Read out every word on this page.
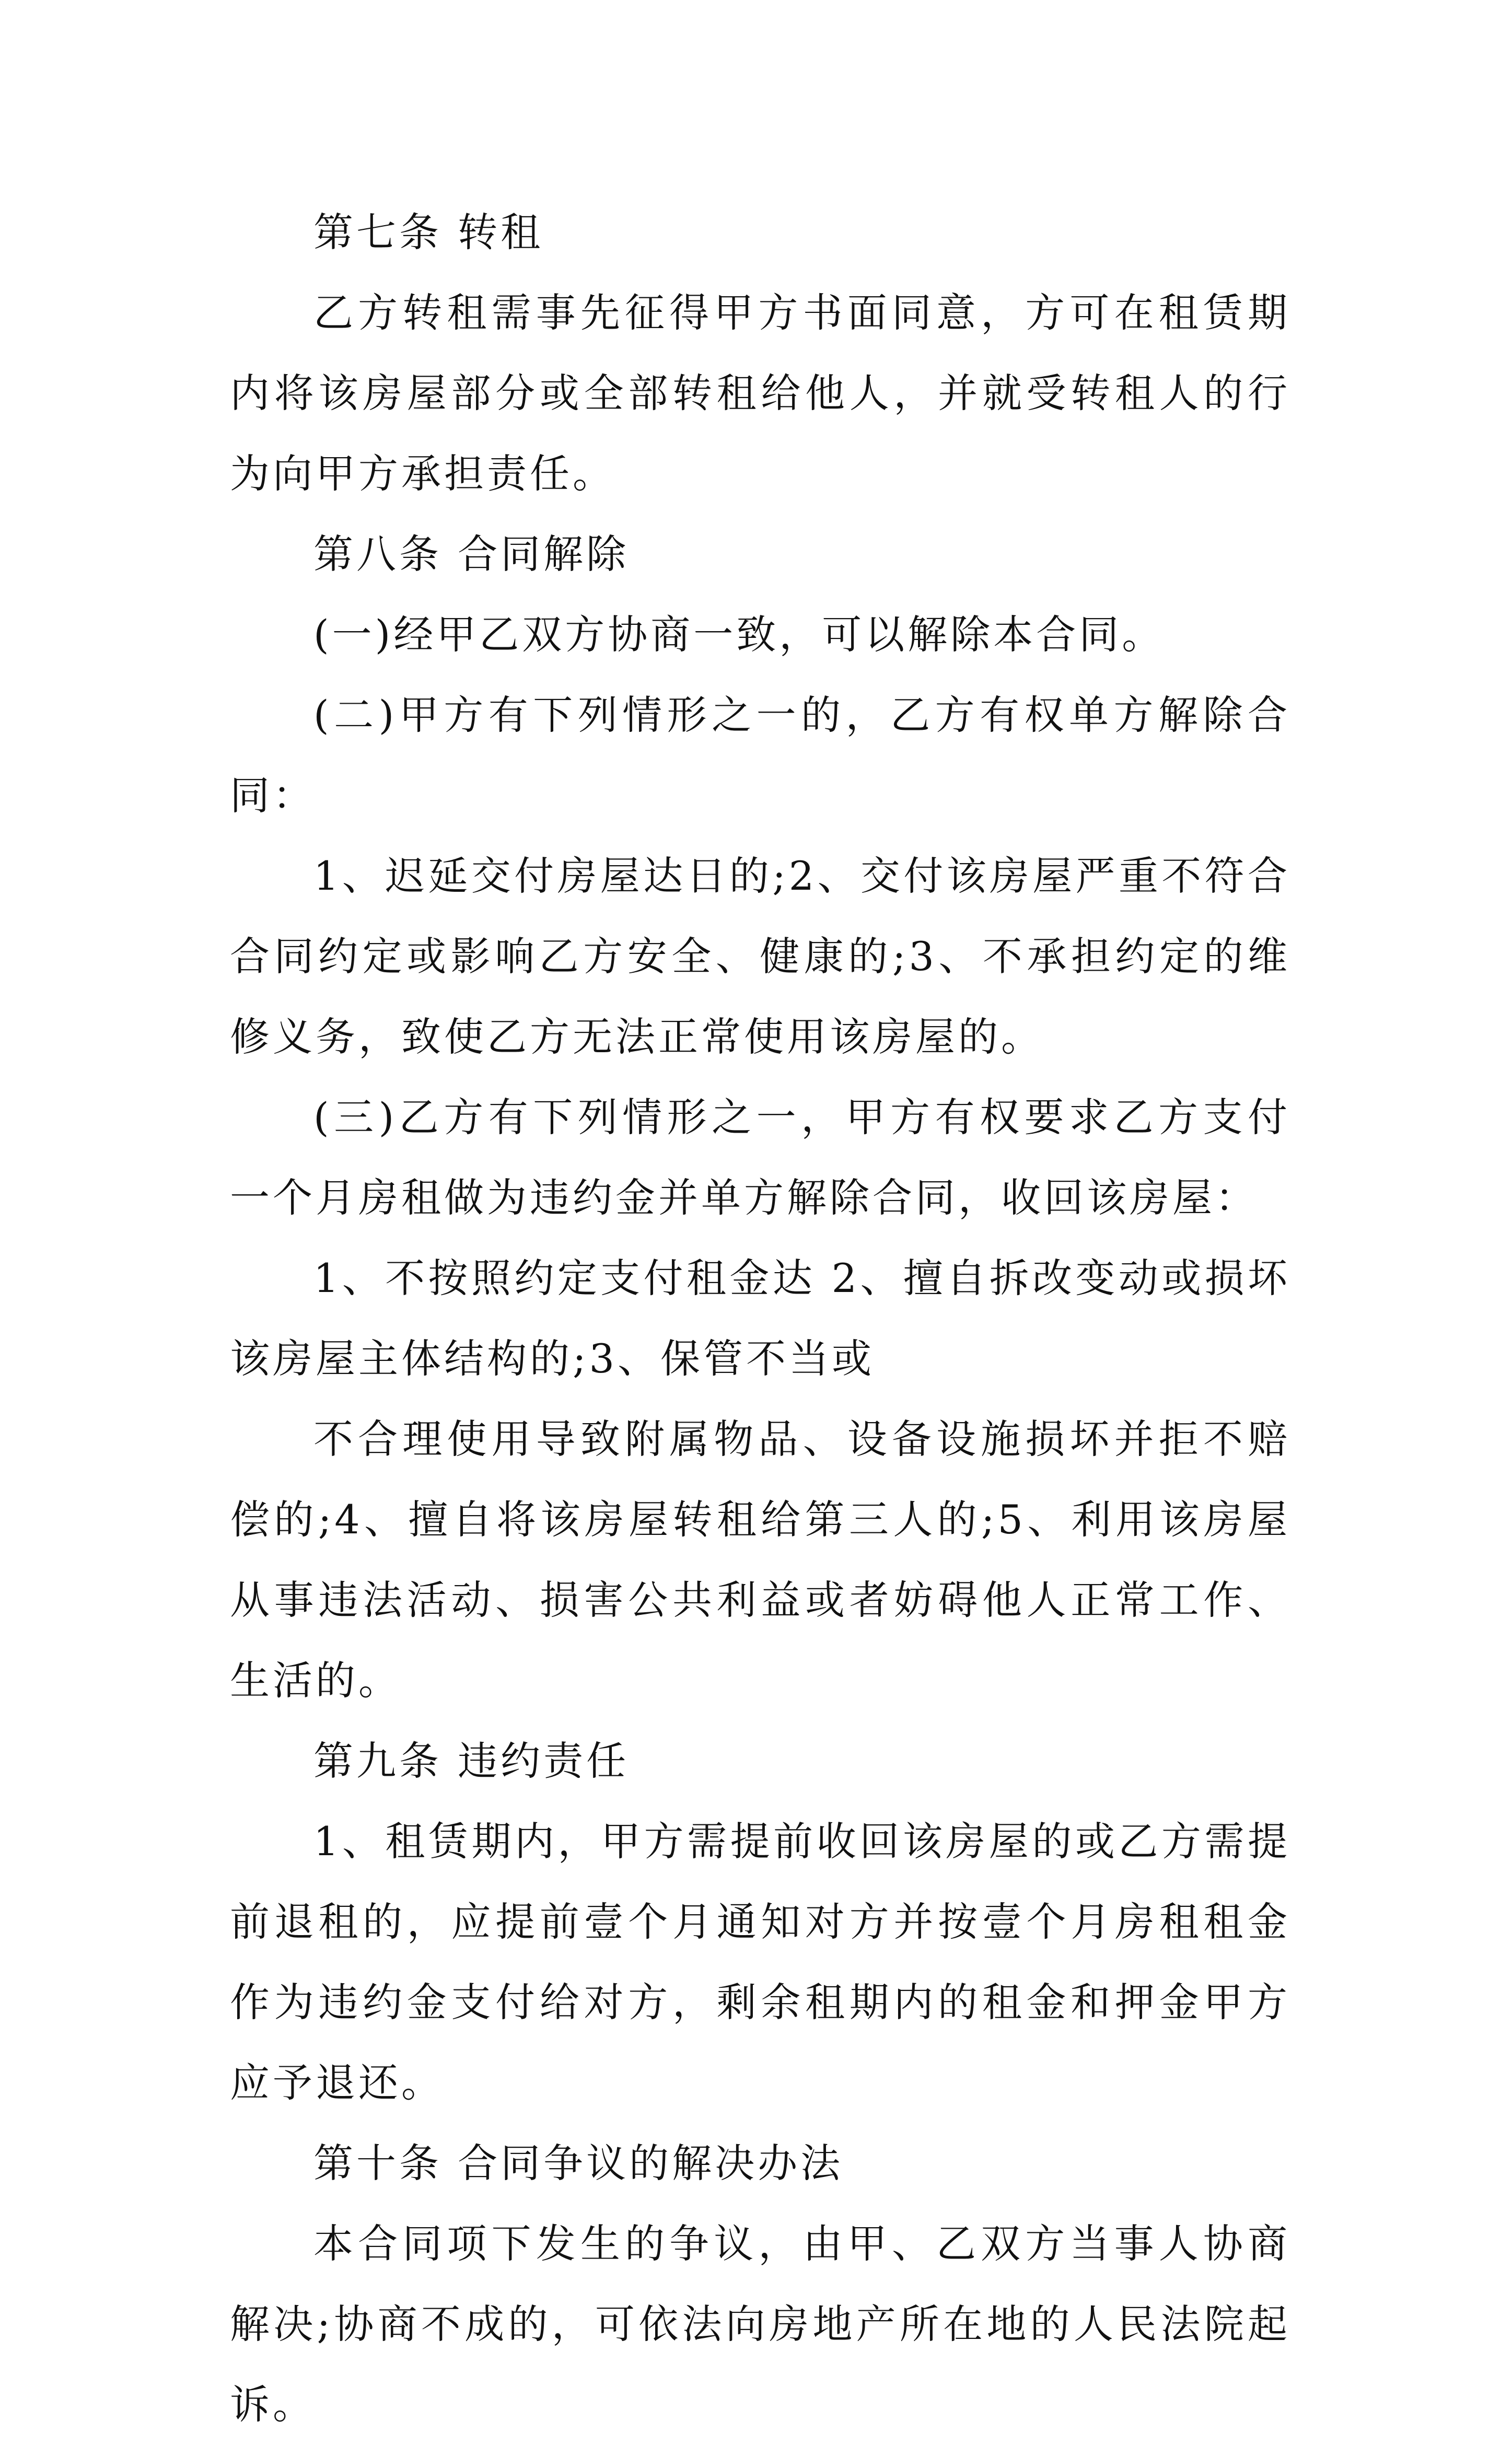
第七条 转租

乙方转租需事先征得甲方书面同意，方可在租赁期内将该房屋部分或全部转租给他人，并就受转租人的行为向甲方承担责任。

第八条 合同解除

(一)经甲乙双方协商一致，可以解除本合同。

(二)甲方有下列情形之一的，乙方有权单方解除合同：

1、迟延交付房屋达日的;2、交付该房屋严重不符合合同约定或影响乙方安全、健康的;3、不承担约定的维修义务，致使乙方无法正常使用该房屋的。

(三)乙方有下列情形之一，甲方有权要求乙方支付一个月房租做为违约金并单方解除合同，收回该房屋：

1、不按照约定支付租金达 2、擅自拆改变动或损坏该房屋主体结构的;3、保管不当或

不合理使用导致附属物品、设备设施损坏并拒不赔偿的;4、擅自将该房屋转租给第三人的;5、利用该房屋从事违法活动、损害公共利益或者妨碍他人正常工作、生活的。

第九条 违约责任

1、租赁期内，甲方需提前收回该房屋的或乙方需提前退租的，应提前壹个月通知对方并按壹个月房租租金作为违约金支付给对方，剩余租期内的租金和押金甲方应予退还。

第十条 合同争议的解决办法

本合同项下发生的争议，由甲、乙双方当事人协商解决;协商不成的，可依法向房地产所在地的人民法院起诉。
